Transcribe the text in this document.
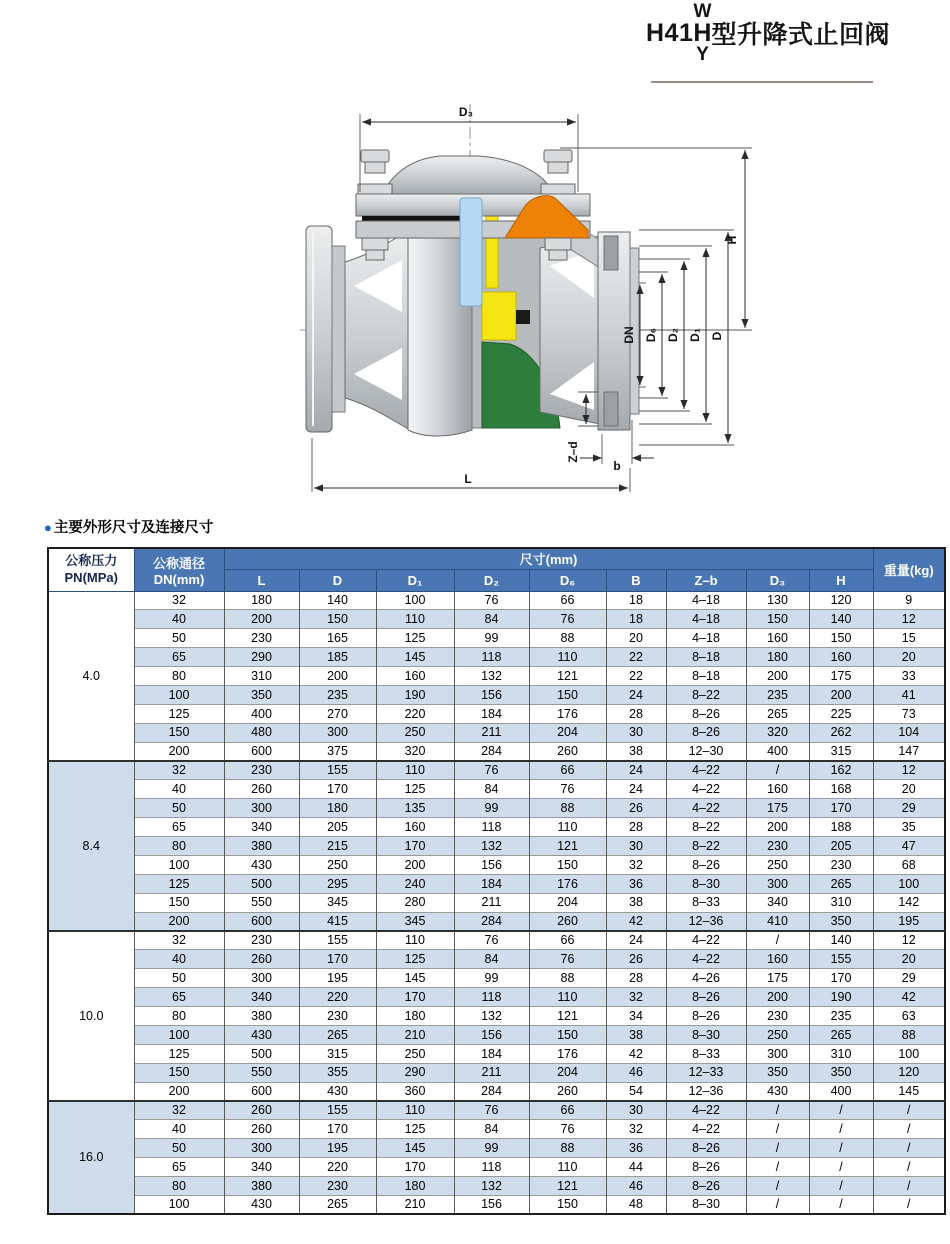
H41
W
H
Y
型升降式止回阀
D₃
H
DN D₆ D₂ D₁ D
Z–d
b
L
● 主要外形尺寸及连接尺寸
公称压力
PN(MPa)	公称通径
DN(mm)	尺寸(mm)									重量(kg)
		L	D	D₁	D₂	D₆	B	Z–b	D₃	H	
4.0	32	180	140	100	76	66	18	4–18	130	120	9
	40	200	150	110	84	76	18	4–18	150	140	12
	50	230	165	125	99	88	20	4–18	160	150	15
	65	290	185	145	118	110	22	8–18	180	160	20
	80	310	200	160	132	121	22	8–18	200	175	33
	100	350	235	190	156	150	24	8–22	235	200	41
	125	400	270	220	184	176	28	8–26	265	225	73
	150	480	300	250	211	204	30	8–26	320	262	104
	200	600	375	320	284	260	38	12–30	400	315	147
8.4	32	230	155	110	76	66	24	4–22	/	162	12
	40	260	170	125	84	76	24	4–22	160	168	20
	50	300	180	135	99	88	26	4–22	175	170	29
	65	340	205	160	118	110	28	8–22	200	188	35
	80	380	215	170	132	121	30	8–22	230	205	47
	100	430	250	200	156	150	32	8–26	250	230	68
	125	500	295	240	184	176	36	8–30	300	265	100
	150	550	345	280	211	204	38	8–33	340	310	142
	200	600	415	345	284	260	42	12–36	410	350	195
10.0	32	230	155	110	76	66	24	4–22	/	140	12
	40	260	170	125	84	76	26	4–22	160	155	20
	50	300	195	145	99	88	28	4–26	175	170	29
	65	340	220	170	118	110	32	8–26	200	190	42
	80	380	230	180	132	121	34	8–26	230	235	63
	100	430	265	210	156	150	38	8–30	250	265	88
	125	500	315	250	184	176	42	8–33	300	310	100
	150	550	355	290	211	204	46	12–33	350	350	120
	200	600	430	360	284	260	54	12–36	430	400	145
16.0	32	260	155	110	76	66	30	4–22	/	/	/
	40	260	170	125	84	76	32	4–22	/	/	/
	50	300	195	145	99	88	36	8–26	/	/	/
	65	340	220	170	118	110	44	8–26	/	/	/
	80	380	230	180	132	121	46	8–26	/	/	/
	100	430	265	210	156	150	48	8–30	/	/	/
